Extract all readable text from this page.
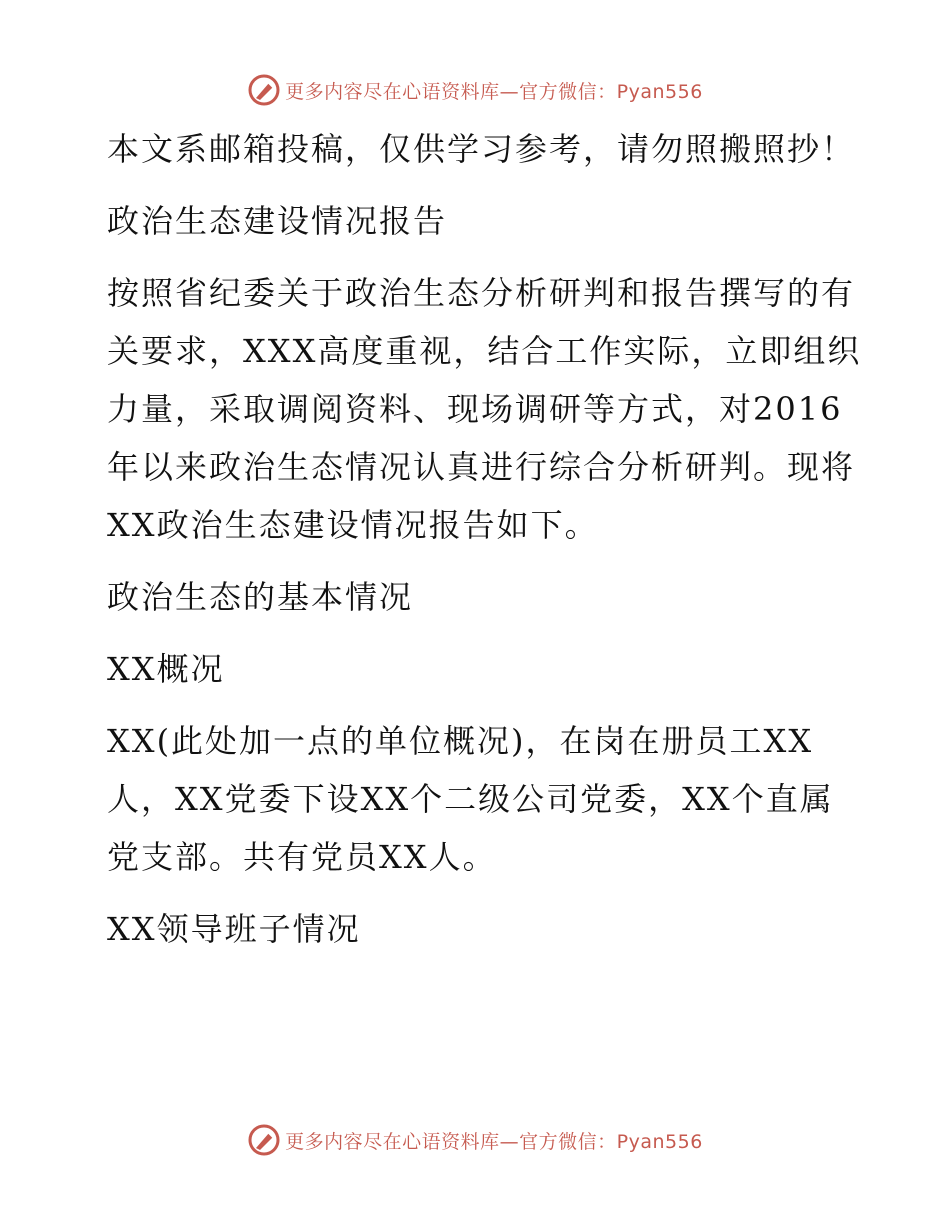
更多内容尽在心语资料库—官方微信：Pyan556

本文系邮箱投稿，仅供学习参考，请勿照搬照抄！

政治生态建设情况报告

按照省纪委关于政治生态分析研判和报告撰写的有关要求，XXX高度重视，结合工作实际，立即组织力量，采取调阅资料、现场调研等方式，对2016年以来政治生态情况认真进行综合分析研判。现将XX政治生态建设情况报告如下。

政治生态的基本情况

XX概况

XX(此处加一点的单位概况)，在岗在册员工XX人，XX党委下设XX个二级公司党委，XX个直属党支部。共有党员XX人。

XX领导班子情况

更多内容尽在心语资料库—官方微信：Pyan556
